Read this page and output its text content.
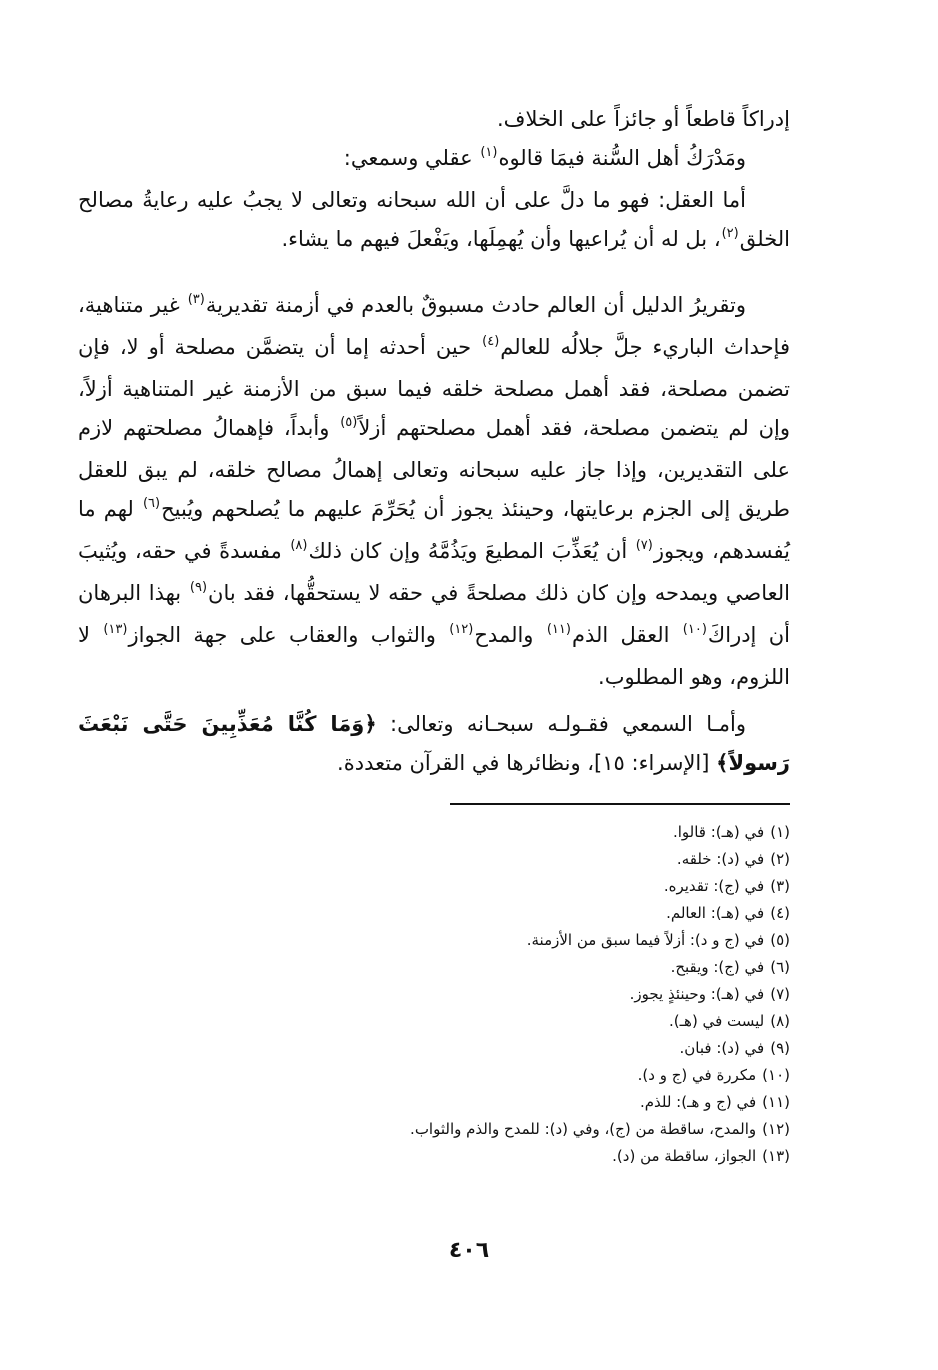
إدراكاً قاطعاً أو جائزاً على الخلاف.

ومَدْرَكُ أهل السُّنة فيمَا قالوه$^{(١)}$ عقلي وسمعي:

أما العقل: فهو ما دلَّ على أن الله سبحانه وتعالى لا يجبُ عليه رعايةُ مصالح الخلق$^{(٢)}$، بل له أن يُراعيها وأن يُهمِلَها، ويَفْعلَ فيهم ما يشاء.

وتقريرُ الدليل أن العالم حادث مسبوقٌ بالعدم في أزمنة تقديرية$^{(٣)}$ غير متناهية، فإحداث الباريء جلَّ جلالُه للعالم$^{(٤)}$ حين أحدثه إما أن يتضمَّن مصلحة أو لا، فإن تضمن مصلحة، فقد أهمل مصلحة خلقه فيما سبق من الأزمنة غير المتناهية أزلاً، وإن لم يتضمن مصلحة، فقد أهمل مصلحتهم أزلاً$^{(٥)}$ وأبداً، فإهمالُ مصلحتهم لازم على التقديرين، وإذا جاز عليه سبحانه وتعالى إهمالُ مصالح خلقه، لم يبق للعقل طريق إلى الجزم برعايتها، وحينئذ يجوز أن يُحَرِّمَ عليهم ما يُصلحهم ويُبيح$^{(٦)}$ لهم ما يُفسدهم، ويجوز$^{(٧)}$ أن يُعَذِّبَ المطيعَ ويَذُمَّهُ وإن كان ذلك$^{(٨)}$ مفسدةً في حقه، ويُثيبَ العاصي ويمدحه وإن كان ذلك مصلحةً في حقه لا يستحقُّها، فقد بان$^{(٩)}$ بهذا البرهان أن إدراكَ$^{(١٠)}$ العقل الذم$^{(١١)}$ والمدح$^{(١٢)}$ والثواب والعقاب على جهة الجواز$^{(١٣)}$ لا اللزوم، وهو المطلوب.

وأمـا السمعي فقـولـه سبحـانه وتعالى: ﴿وَمَا كُنَّا مُعَذِّبِينَ حَتَّى نَبْعَثَ رَسولاً﴾ [الإسراء: ١٥]، ونظائرها في القرآن متعددة.

(١)في (هـ): قالوا.
(٢)في (د): خلقه.
(٣)في (ج): تقديره.
(٤)في (هـ): العالم.
(٥)في (ج و د): أزلاً فيما سبق من الأزمنة.
(٦)في (ج): ويقبح.
(٧)في (هـ): وحينئذٍ يجوز.
(٨)ليست في (هـ).
(٩)في (د): فبان.
(١٠)مكررة في (ج و د).
(١١)في (ج و هـ): للذم.
(١٢)والمدح، ساقطة من (ج)، وفي (د): للمدح والذم والثواب.
(١٣)الجواز، ساقطة من (د).
٤٠٦
